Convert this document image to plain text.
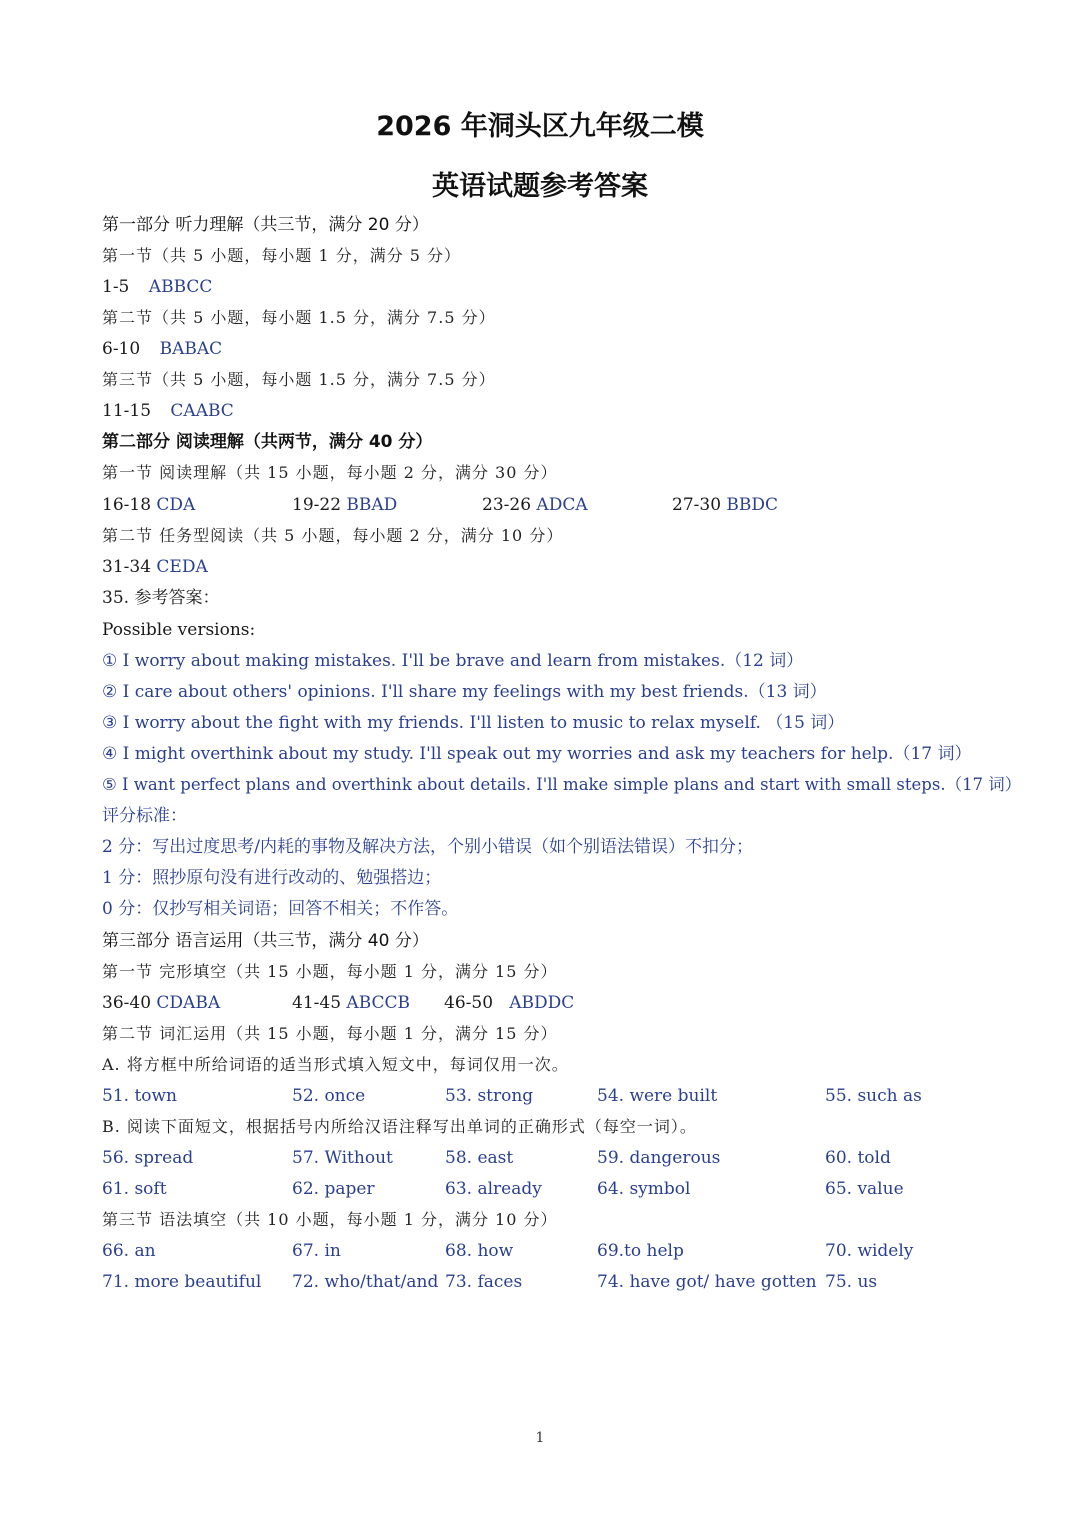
2026 年洞头区九年级二模
英语试题参考答案
第一部分 听力理解（共三节，满分 20 分）
第一节（共 5 小题，每小题 1 分，满分 5 分）
1-5 ABBCC
第二节（共 5 小题，每小题 1.5 分，满分 7.5 分）
6-10 BABAC
第三节（共 5 小题，每小题 1.5 分，满分 7.5 分）
11-15 CAABC
第二部分 阅读理解（共两节，满分 40 分）
第一节 阅读理解（共 15 小题，每小题 2 分，满分 30 分）
16-18 CDA	19-22 BBAD	23-26 ADCA	27-30 BBDC
第二节 任务型阅读（共 5 小题，每小题 2 分，满分 10 分）
31-34 CEDA
35. 参考答案：
Possible versions:
① I worry about making mistakes. I'll be brave and learn from mistakes.（12 词）
② I care about others' opinions. I'll share my feelings with my best friends.（13 词）
③ I worry about the fight with my friends. I'll listen to music to relax myself. （15 词）
④ I might overthink about my study. I'll speak out my worries and ask my teachers for help.（17 词）
⑤ I want perfect plans and overthink about details. I'll make simple plans and start with small steps.（17 词）
评分标准：
2 分：写出过度思考/内耗的事物及解决方法，个别小错误（如个别语法错误）不扣分；
1 分：照抄原句没有进行改动的、勉强搭边；
0 分：仅抄写相关词语；回答不相关；不作答。
第三部分 语言运用（共三节，满分 40 分）
第一节 完形填空（共 15 小题，每小题 1 分，满分 15 分）
36-40 CDABA	41-45 ABCCB 46-50 ABDDC
第二节 词汇运用（共 15 小题，每小题 1 分，满分 15 分）
A. 将方框中所给词语的适当形式填入短文中，每词仅用一次。
51. town	52. once	53. strong	54. were built	55. such as
B. 阅读下面短文，根据括号内所给汉语注释写出单词的正确形式（每空一词）。
56. spread	57. Without	58. east	59. dangerous	60. told
61. soft	62. paper	63. already	64. symbol	65. value
第三节 语法填空（共 10 小题，每小题 1 分，满分 10 分）
66. an	67. in	68. how	69.to help	70. widely
71. more beautiful 72. who/that/and 73. faces	74. have got/ have gotten 75. us
1
